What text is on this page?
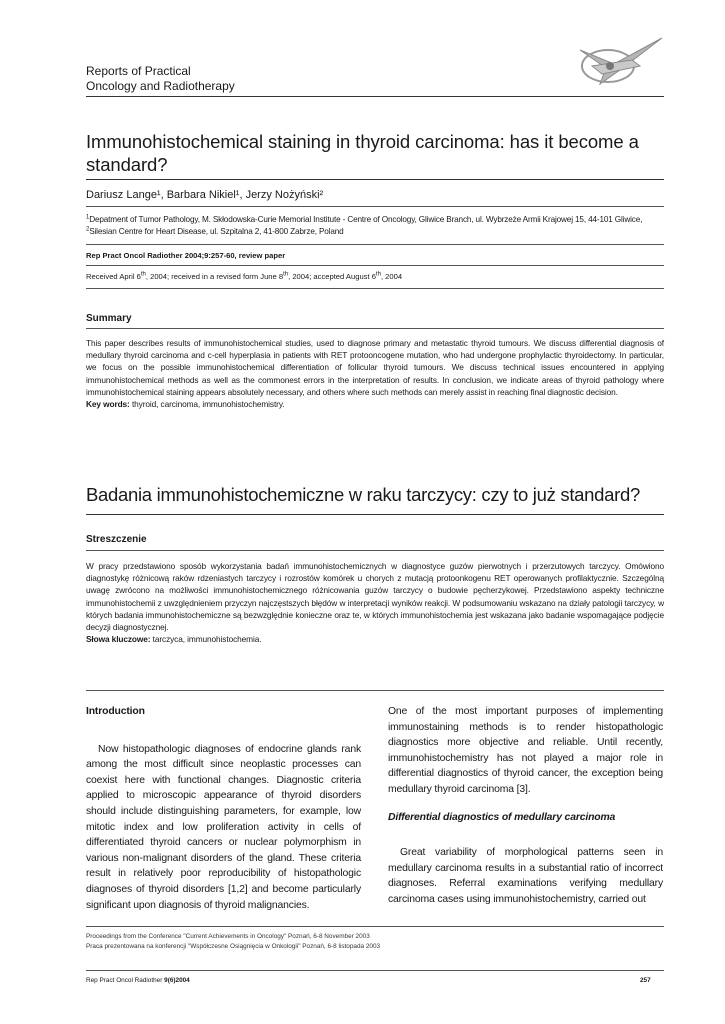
Reports of Practical
Oncology and Radiotherapy
Immunohistochemical staining in thyroid carcinoma: has it become a standard?
Dariusz Lange¹, Barbara Nikiel¹, Jerzy Nożyński²
$^1$Depatment of Tumor Pathology, M. Skłodowska-Curie Memorial Institute - Centre of Oncology, Gliwice Branch, ul. Wybrzeże Armii Krajowej 15, 44-101 Gliwice, $^2$Silesian Centre for Heart Disease, ul. Szpitalna 2, 41-800 Zabrze, Poland
Rep Pract Oncol Radiother 2004;9:257-60, review paper
Received April 6th, 2004; received in a revised form June 8th, 2004; accepted August 6th, 2004
Summary
This paper describes results of immunohistochemical studies, used to diagnose primary and metastatic thyroid tumours. We discuss differential diagnosis of medullary thyroid carcinoma and c-cell hyperplasia in patients with RET protooncogene mutation, who had undergone prophylactic thyroidectomy. In particular, we focus on the possible immunohistochemical differentiation of follicular thyroid tumours. We discuss technical issues encountered in applying immunohistochemical methods as well as the commonest errors in the interpretation of results. In conclusion, we indicate areas of thyroid pathology where immunohistochemical staining appears absolutely necessary, and others where such methods can merely assist in reaching final diagnostic decision.
Key words: thyroid, carcinoma, immunohistochemistry.
Badania immunohistochemiczne w raku tarczycy: czy to już standard?
Streszczenie
W pracy przedstawiono sposób wykorzystania badań immunohistochemicznych w diagnostyce guzów pierwotnych i przerzutowych tarczycy. Omówiono diagnostykę różnicową raków rdzeniastych tarczycy i rozrostów komórek u chorych z mutacją protoonkogenu RET operowanych profilaktycznie. Szczególną uwagę zwrócono na możliwości immunohistochemicznego różnicowania guzów tarczycy o budowie pęcherzykowej. Przedstawiono aspekty techniczne immunohistochemii z uwzględnieniem przyczyn najczęstszych błędów w interpretacji wyników reakcji. W podsumowaniu wskazano na działy patologii tarczycy, w których badania immunohistochemiczne są bezwzględnie konieczne oraz te, w których immunohistochemia jest wskazana jako badanie wspomagające podjęcie decyzji diagnostycznej.
Słowa kluczowe: tarczyca, immunohistochemia.

Introduction

Now histopathologic diagnoses of endocrine glands rank among the most difficult since neoplastic processes can coexist here with functional changes. Diagnostic criteria applied to microscopic appearance of thyroid disorders should include distinguishing parameters, for example, low mitotic index and low proliferation activity in cells of differentiated thyroid cancers or nuclear polymorphism in various non-malignant disorders of the gland. These criteria result in relatively poor reproducibility of histopathologic diagnoses of thyroid disorders [1,2] and become particularly significant upon diagnosis of thyroid malignancies.

One of the most important purposes of implementing immunostaining methods is to render histopathologic diagnostics more objective and reliable. Until recently, immunohistochemistry has not played a major role in differential diagnostics of thyroid cancer, the exception being medullary thyroid carcinoma [3].

Differential diagnostics of medullary carcinoma

Great variability of morphological patterns seen in medullary carcinoma results in a substantial ratio of incorrect diagnoses. Referral examinations verifying medullary carcinoma cases using immunohistochemistry, carried out

Proceedings from the Conference "Current Achievements in Oncology" Poznań, 6-8 November 2003
Praca prezentowana na konferencji "Współczesne Osiągnięcia w Onkologii" Poznań, 6-8 listopada 2003
Rep Pract Oncol Radiother 9(6)2004	257
